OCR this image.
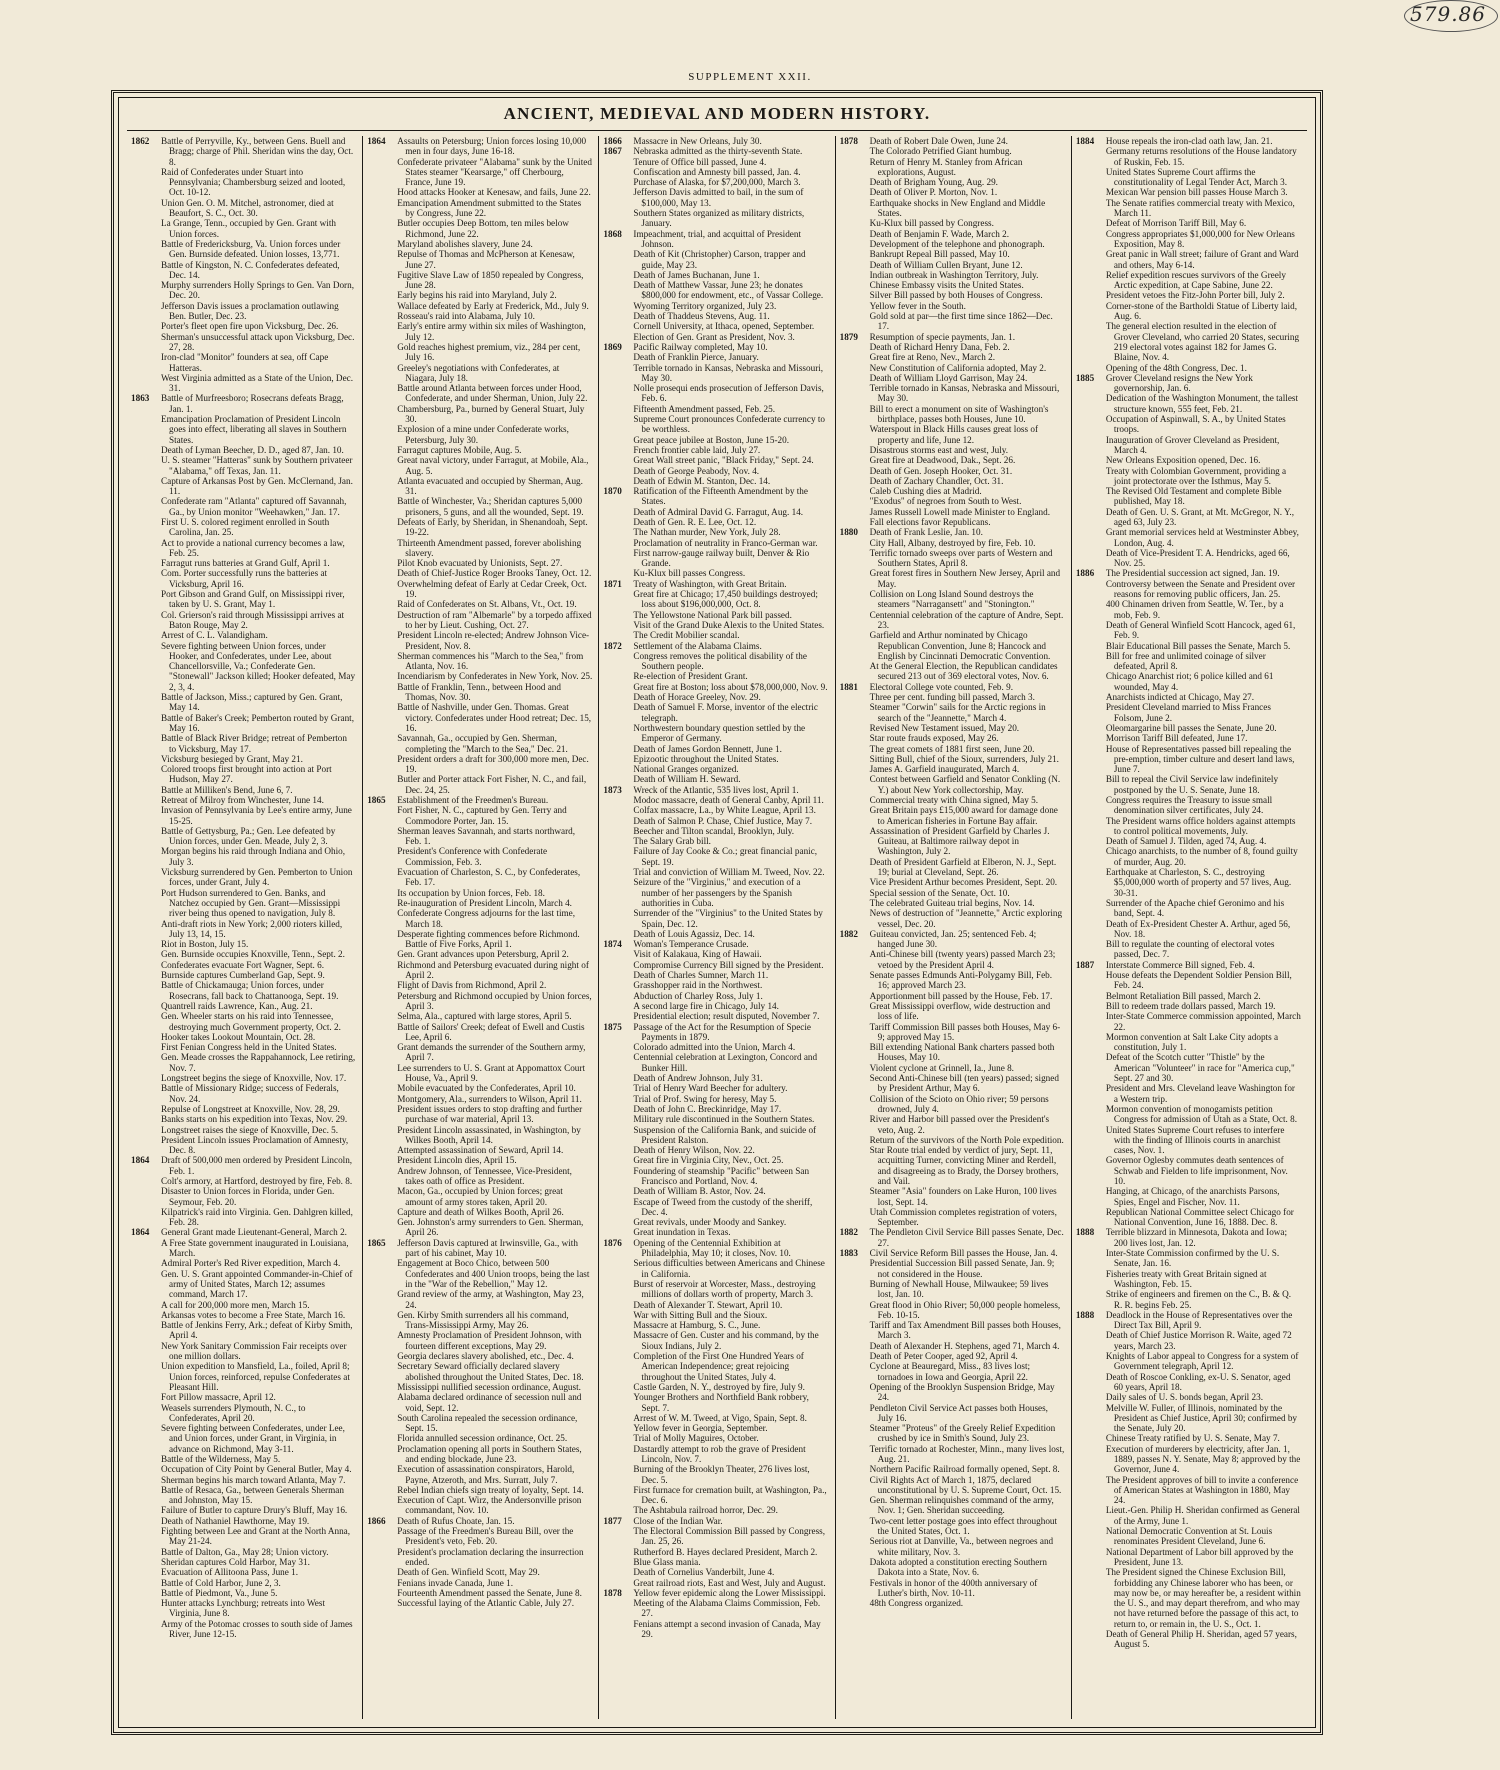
579.86
SUPPLEMENT XXII.
ANCIENT, MEDIEVAL AND MODERN HISTORY.
1862	Battle of Perryville, Ky., between Gens. Buell and Bragg; charge of Phil. Sheridan wins the day, Oct. 8.
Raid of Confederates under Stuart into Pennsylvania; Chambersburg seized and looted, Oct. 10-12.
Union Gen. O. M. Mitchel, astronomer, died at Beaufort, S. C., Oct. 30.
La Grange, Tenn., occupied by Gen. Grant with Union forces.
Battle of Fredericksburg, Va. Union forces under Gen. Burnside defeated. Union losses, 13,771.
Battle of Kingston, N. C. Confederates defeated, Dec. 14.
Murphy surrenders Holly Springs to Gen. Van Dorn, Dec. 20.
Jefferson Davis issues a proclamation outlawing Ben. Butler, Dec. 23.
Porter's fleet open fire upon Vicksburg, Dec. 26.
Sherman's unsuccessful attack upon Vicksburg, Dec. 27, 28.
Iron-clad "Monitor" founders at sea, off Cape Hatteras.
West Virginia admitted as a State of the Union, Dec. 31.
1863	Battle of Murfreesboro; Rosecrans defeats Bragg, Jan. 1.
Emancipation Proclamation of President Lincoln goes into effect, liberating all slaves in Southern States.
Death of Lyman Beecher, D. D., aged 87, Jan. 10.
U. S. steamer "Hatteras" sunk by Southern privateer "Alabama," off Texas, Jan. 11.
Capture of Arkansas Post by Gen. McClernand, Jan. 11.
Confederate ram "Atlanta" captured off Savannah, Ga., by Union monitor "Weehawken," Jan. 17.
First U. S. colored regiment enrolled in South Carolina, Jan. 25.
Act to provide a national currency becomes a law, Feb. 25.
Farragut runs batteries at Grand Gulf, April 1.
Com. Porter successfully runs the batteries at Vicksburg, April 16.
Port Gibson and Grand Gulf, on Mississippi river, taken by U. S. Grant, May 1.
Col. Grierson's raid through Mississippi arrives at Baton Rouge, May 2.
Arrest of C. L. Valandigham.
Severe fighting between Union forces, under Hooker, and Confederates, under Lee, about Chancellorsville, Va.; Confederate Gen. "Stonewall" Jackson killed; Hooker defeated, May 2, 3, 4.
Battle of Jackson, Miss.; captured by Gen. Grant, May 14.
Battle of Baker's Creek; Pemberton routed by Grant, May 16.
Battle of Black River Bridge; retreat of Pemberton to Vicksburg, May 17.
Vicksburg besieged by Grant, May 21.
Colored troops first brought into action at Port Hudson, May 27.
Battle at Milliken's Bend, June 6, 7.
Retreat of Milroy from Winchester, June 14.
Invasion of Pennsylvania by Lee's entire army, June 15-25.
Battle of Gettysburg, Pa.; Gen. Lee defeated by Union forces, under Gen. Meade, July 2, 3.
Morgan begins his raid through Indiana and Ohio, July 3.
Vicksburg surrendered by Gen. Pemberton to Union forces, under Grant, July 4.
Port Hudson surrendered to Gen. Banks, and Natchez occupied by Gen. Grant—Mississippi river being thus opened to navigation, July 8.
Anti-draft riots in New York; 2,000 rioters killed, July 13, 14, 15.
Riot in Boston, July 15.
Gen. Burnside occupies Knoxville, Tenn., Sept. 2.
Confederates evacuate Fort Wagner, Sept. 6.
Burnside captures Cumberland Gap, Sept. 9.
Battle of Chickamauga; Union forces, under Rosecrans, fall back to Chattanooga, Sept. 19.
Quantrell raids Lawrence, Kan., Aug. 21.
Gen. Wheeler starts on his raid into Tennessee, destroying much Government property, Oct. 2.
Hooker takes Lookout Mountain, Oct. 28.
First Fenian Congress held in the United States.
Gen. Meade crosses the Rappahannock, Lee retiring, Nov. 7.
Longstreet begins the siege of Knoxville, Nov. 17.
Battle of Missionary Ridge; success of Federals, Nov. 24.
Repulse of Longstreet at Knoxville, Nov. 28, 29.
Banks starts on his expedition into Texas, Nov. 29.
Longstreet raises the siege of Knoxville, Dec. 5.
President Lincoln issues Proclamation of Amnesty, Dec. 8.
1864	Draft of 500,000 men ordered by President Lincoln, Feb. 1.
Colt's armory, at Hartford, destroyed by fire, Feb. 8.
Disaster to Union forces in Florida, under Gen. Seymour, Feb. 20.
Kilpatrick's raid into Virginia. Gen. Dahlgren killed, Feb. 28.
1864	General Grant made Lieutenant-General, March 2.
A Free State government inaugurated in Louisiana, March.
Admiral Porter's Red River expedition, March 4.
Gen. U. S. Grant appointed Commander-in-Chief of army of United States, March 12; assumes command, March 17.
A call for 200,000 more men, March 15.
Arkansas votes to become a Free State, March 16.
Battle of Jenkins Ferry, Ark.; defeat of Kirby Smith, April 4.
New York Sanitary Commission Fair receipts over one million dollars.
Union expedition to Mansfield, La., foiled, April 8; Union forces, reinforced, repulse Confederates at Pleasant Hill.
Fort Pillow massacre, April 12.
Weasels surrenders Plymouth, N. C., to Confederates, April 20.
Severe fighting between Confederates, under Lee, and Union forces, under Grant, in Virginia, in advance on Richmond, May 3-11.
Battle of the Wilderness, May 5.
Occupation of City Point by General Butler, May 4.
Sherman begins his march toward Atlanta, May 7.
Battle of Resaca, Ga., between Generals Sherman and Johnston, May 15.
Failure of Butler to capture Drury's Bluff, May 16.
Death of Nathaniel Hawthorne, May 19.
Fighting between Lee and Grant at the North Anna, May 21-24.
Battle of Dalton, Ga., May 28; Union victory.
Sheridan captures Cold Harbor, May 31.
Evacuation of Allitoona Pass, June 1.
Battle of Cold Harbor, June 2, 3.
Battle of Piedmont, Va., June 5.
Hunter attacks Lynchburg; retreats into West Virginia, June 8.
Army of the Potomac crosses to south side of James River, June 12-15.
1864	Assaults on Petersburg; Union forces losing 10,000 men in four days, June 16-18.
Confederate privateer "Alabama" sunk by the United States steamer "Kearsarge," off Cherbourg, France, June 19.
Hood attacks Hooker at Kenesaw, and fails, June 22.
Emancipation Amendment submitted to the States by Congress, June 22.
Butler occupies Deep Bottom, ten miles below Richmond, June 22.
Maryland abolishes slavery, June 24.
Repulse of Thomas and McPherson at Kenesaw, June 27.
Fugitive Slave Law of 1850 repealed by Congress, June 28.
Early begins his raid into Maryland, July 2.
Wallace defeated by Early at Frederick, Md., July 9.
Rosseau's raid into Alabama, July 10.
Early's entire army within six miles of Washington, July 12.
Gold reaches highest premium, viz., 284 per cent, July 16.
Greeley's negotiations with Confederates, at Niagara, July 18.
Battle around Atlanta between forces under Hood, Confederate, and under Sherman, Union, July 22.
Chambersburg, Pa., burned by General Stuart, July 30.
Explosion of a mine under Confederate works, Petersburg, July 30.
Farragut captures Mobile, Aug. 5.
Great naval victory, under Farragut, at Mobile, Ala., Aug. 5.
Atlanta evacuated and occupied by Sherman, Aug. 31.
Battle of Winchester, Va.; Sheridan captures 5,000 prisoners, 5 guns, and all the wounded, Sept. 19.
Defeats of Early, by Sheridan, in Shenandoah, Sept. 19-22.
Thirteenth Amendment passed, forever abolishing slavery.
Pilot Knob evacuated by Unionists, Sept. 27.
Death of Chief-Justice Roger Brooks Taney, Oct. 12.
Overwhelming defeat of Early at Cedar Creek, Oct. 19.
Raid of Confederates on St. Albans, Vt., Oct. 19.
Destruction of ram "Albemarle" by a torpedo affixed to her by Lieut. Cushing, Oct. 27.
President Lincoln re-elected; Andrew Johnson Vice-President, Nov. 8.
Sherman commences his "March to the Sea," from Atlanta, Nov. 16.
Incendiarism by Confederates in New York, Nov. 25.
Battle of Franklin, Tenn., between Hood and Thomas, Nov. 30.
Battle of Nashville, under Gen. Thomas. Great victory. Confederates under Hood retreat; Dec. 15, 16.
Savannah, Ga., occupied by Gen. Sherman, completing the "March to the Sea," Dec. 21.
President orders a draft for 300,000 more men, Dec. 19.
Butler and Porter attack Fort Fisher, N. C., and fail, Dec. 24, 25.
1865	Establishment of the Freedmen's Bureau.
Fort Fisher, N. C., captured by Gen. Terry and Commodore Porter, Jan. 15.
Sherman leaves Savannah, and starts northward, Feb. 1.
President's Conference with Confederate Commission, Feb. 3.
Evacuation of Charleston, S. C., by Confederates, Feb. 17.
Its occupation by Union forces, Feb. 18.
Re-inauguration of President Lincoln, March 4.
Confederate Congress adjourns for the last time, March 18.
Desperate fighting commences before Richmond. Battle of Five Forks, April 1.
Gen. Grant advances upon Petersburg, April 2.
Richmond and Petersburg evacuated during night of April 2.
Flight of Davis from Richmond, April 2.
Petersburg and Richmond occupied by Union forces, April 3.
Selma, Ala., captured with large stores, April 5.
Battle of Sailors' Creek; defeat of Ewell and Custis Lee, April 6.
Grant demands the surrender of the Southern army, April 7.
Lee surrenders to U. S. Grant at Appomattox Court House, Va., April 9.
Mobile evacuated by the Confederates, April 10.
Montgomery, Ala., surrenders to Wilson, April 11.
President issues orders to stop drafting and further purchase of war material, April 13.
President Lincoln assassinated, in Washington, by Wilkes Booth, April 14.
Attempted assassination of Seward, April 14.
President Lincoln dies, April 15.
Andrew Johnson, of Tennessee, Vice-President, takes oath of office as President.
Macon, Ga., occupied by Union forces; great amount of army stores taken, April 20.
Capture and death of Wilkes Booth, April 26.
Gen. Johnston's army surrenders to Gen. Sherman, April 26.
1865	Jefferson Davis captured at Irwinsville, Ga., with part of his cabinet, May 10.
Engagement at Boco Chico, between 500 Confederates and 400 Union troops, being the last in the "War of the Rebellion," May 12.
Grand review of the army, at Washington, May 23, 24.
Gen. Kirby Smith surrenders all his command, Trans-Mississippi Army, May 26.
Amnesty Proclamation of President Johnson, with fourteen different exceptions, May 29.
Georgia declares slavery abolished, etc., Dec. 4.
Secretary Seward officially declared slavery abolished throughout the United States, Dec. 18.
Mississippi nullified secession ordinance, August.
Alabama declared ordinance of secession null and void, Sept. 12.
South Carolina repealed the secession ordinance, Sept. 15.
Florida annulled secession ordinance, Oct. 25.
Proclamation opening all ports in Southern States, and ending blockade, June 23.
Execution of assassination conspirators, Harold, Payne, Atzeroth, and Mrs. Surratt, July 7.
Rebel Indian chiefs sign treaty of loyalty, Sept. 14.
Execution of Capt. Wirz, the Andersonville prison commandant, Nov. 10.
1866	Death of Rufus Choate, Jan. 15.
Passage of the Freedmen's Bureau Bill, over the President's veto, Feb. 20.
President's proclamation declaring the insurrection ended.
Death of Gen. Winfield Scott, May 29.
Fenians invade Canada, June 1.
Fourteenth Amendment passed the Senate, June 8.
Successful laying of the Atlantic Cable, July 27.
1866	Massacre in New Orleans, July 30.
1867	Nebraska admitted as the thirty-seventh State.
Tenure of Office bill passed, June 4.
Confiscation and Amnesty bill passed, Jan. 4.
Purchase of Alaska, for $7,200,000, March 3.
Jefferson Davis admitted to bail, in the sum of $100,000, May 13.
Southern States organized as military districts, January.
1868	Impeachment, trial, and acquittal of President Johnson.
Death of Kit (Christopher) Carson, trapper and guide, May 23.
Death of James Buchanan, June 1.
Death of Matthew Vassar, June 23; he donates $800,000 for endowment, etc., of Vassar College.
Wyoming Territory organized, July 23.
Death of Thaddeus Stevens, Aug. 11.
Cornell University, at Ithaca, opened, September.
Election of Gen. Grant as President, Nov. 3.
1869	Pacific Railway completed, May 10.
Death of Franklin Pierce, January.
Terrible tornado in Kansas, Nebraska and Missouri, May 30.
Nolle prosequi ends prosecution of Jefferson Davis, Feb. 6.
Fifteenth Amendment passed, Feb. 25.
Supreme Court pronounces Confederate currency to be worthless.
Great peace jubilee at Boston, June 15-20.
French frontier cable laid, July 27.
Great Wall street panic, "Black Friday," Sept. 24.
Death of George Peabody, Nov. 4.
Death of Edwin M. Stanton, Dec. 14.
1870	Ratification of the Fifteenth Amendment by the States.
Death of Admiral David G. Farragut, Aug. 14.
Death of Gen. R. E. Lee, Oct. 12.
The Nathan murder, New York, July 28.
Proclamation of neutrality in Franco-German war.
First narrow-gauge railway built, Denver & Rio Grande.
Ku-Klux bill passes Congress.
1871	Treaty of Washington, with Great Britain.
Great fire at Chicago; 17,450 buildings destroyed; loss about $196,000,000, Oct. 8.
The Yellowstone National Park bill passed.
Visit of the Grand Duke Alexis to the United States.
The Credit Mobilier scandal.
1872	Settlement of the Alabama Claims.
Congress removes the political disability of the Southern people.
Re-election of President Grant.
Great fire at Boston; loss about $78,000,000, Nov. 9.
Death of Horace Greeley, Nov. 29.
Death of Samuel F. Morse, inventor of the electric telegraph.
Northwestern boundary question settled by the Emperor of Germany.
Death of James Gordon Bennett, June 1.
Epizootic throughout the United States.
National Granges organized.
Death of William H. Seward.
1873	Wreck of the Atlantic, 535 lives lost, April 1.
Modoc massacre, death of General Canby, April 11.
Colfax massacre, La., by White League, April 13.
Death of Salmon P. Chase, Chief Justice, May 7.
Beecher and Tilton scandal, Brooklyn, July.
The Salary Grab bill.
Failure of Jay Cooke & Co.; great financial panic, Sept. 19.
Trial and conviction of William M. Tweed, Nov. 22.
Seizure of the "Virginius," and execution of a number of her passengers by the Spanish authorities in Cuba.
Surrender of the "Virginius" to the United States by Spain, Dec. 12.
Death of Louis Agassiz, Dec. 14.
1874	Woman's Temperance Crusade.
Visit of Kalakaua, King of Hawaii.
Compromise Currency Bill signed by the President.
Death of Charles Sumner, March 11.
Grasshopper raid in the Northwest.
Abduction of Charley Ross, July 1.
A second large fire in Chicago, July 14.
Presidential election; result disputed, November 7.
1875	Passage of the Act for the Resumption of Specie Payments in 1879.
Colorado admitted into the Union, March 4.
Centennial celebration at Lexington, Concord and Bunker Hill.
Death of Andrew Johnson, July 31.
Trial of Henry Ward Beecher for adultery.
Trial of Prof. Swing for heresy, May 5.
Death of John C. Breckinridge, May 17.
Military rule discontinued in the Southern States.
Suspension of the California Bank, and suicide of President Ralston.
Death of Henry Wilson, Nov. 22.
Great fire in Virginia City, Nev., Oct. 25.
Foundering of steamship "Pacific" between San Francisco and Portland, Nov. 4.
Death of William B. Astor, Nov. 24.
Escape of Tweed from the custody of the sheriff, Dec. 4.
Great revivals, under Moody and Sankey.
Great inundation in Texas.
1876	Opening of the Centennial Exhibition at Philadelphia, May 10; it closes, Nov. 10.
Serious difficulties between Americans and Chinese in California.
Burst of reservoir at Worcester, Mass., destroying millions of dollars worth of property, March 3.
Death of Alexander T. Stewart, April 10.
War with Sitting Bull and the Sioux.
Massacre at Hamburg, S. C., June.
Massacre of Gen. Custer and his command, by the Sioux Indians, July 2.
Completion of the First One Hundred Years of American Independence; great rejoicing throughout the United States, July 4.
Castle Garden, N. Y., destroyed by fire, July 9.
Younger Brothers and Northfield Bank robbery, Sept. 7.
Arrest of W. M. Tweed, at Vigo, Spain, Sept. 8.
Yellow fever in Georgia, September.
Trial of Molly Maguires, October.
Dastardly attempt to rob the grave of President Lincoln, Nov. 7.
Burning of the Brooklyn Theater, 276 lives lost, Dec. 5.
First furnace for cremation built, at Washington, Pa., Dec. 6.
The Ashtabula railroad horror, Dec. 29.
1877	Close of the Indian War.
The Electoral Commission Bill passed by Congress, Jan. 25, 26.
Rutherford B. Hayes declared President, March 2.
Blue Glass mania.
Death of Cornelius Vanderbilt, June 4.
Great railroad riots, East and West, July and August.
1878	Yellow fever epidemic along the Lower Mississippi.
Meeting of the Alabama Claims Commission, Feb. 27.
Fenians attempt a second invasion of Canada, May 29.
1878	Death of Robert Dale Owen, June 24.
The Colorado Petrified Giant humbug.
Return of Henry M. Stanley from African explorations, August.
Death of Brigham Young, Aug. 29.
Death of Oliver P. Morton, Nov. 1.
Earthquake shocks in New England and Middle States.
Ku-Klux bill passed by Congress.
Death of Benjamin F. Wade, March 2.
Development of the telephone and phonograph.
Bankrupt Repeal Bill passed, May 10.
Death of William Cullen Bryant, June 12.
Indian outbreak in Washington Territory, July.
Chinese Embassy visits the United States.
Silver Bill passed by both Houses of Congress.
Yellow fever in the South.
Gold sold at par—the first time since 1862—Dec. 17.
1879	Resumption of specie payments, Jan. 1.
Death of Richard Henry Dana, Feb. 2.
Great fire at Reno, Nev., March 2.
New Constitution of California adopted, May 2.
Death of William Lloyd Garrison, May 24.
Terrible tornado in Kansas, Nebraska and Missouri, May 30.
Bill to erect a monument on site of Washington's birthplace, passes both Houses, June 10.
Waterspout in Black Hills causes great loss of property and life, June 12.
Disastrous storms east and west, July.
Great fire at Deadwood, Dak., Sept. 26.
Death of Gen. Joseph Hooker, Oct. 31.
Death of Zachary Chandler, Oct. 31.
Caleb Cushing dies at Madrid.
"Exodus" of negroes from South to West.
James Russell Lowell made Minister to England.
Fall elections favor Republicans.
1880	Death of Frank Leslie, Jan. 10.
City Hall, Albany, destroyed by fire, Feb. 10.
Terrific tornado sweeps over parts of Western and Southern States, April 8.
Great forest fires in Southern New Jersey, April and May.
Collision on Long Island Sound destroys the steamers "Narragansett" and "Stonington."
Centennial celebration of the capture of Andre, Sept. 23.
Garfield and Arthur nominated by Chicago Republican Convention, June 8; Hancock and English by Cincinnati Democratic Convention.
At the General Election, the Republican candidates secured 213 out of 369 electoral votes, Nov. 6.
1881	Electoral College vote counted, Feb. 9.
Three per cent. funding bill passed, March 3.
Steamer "Corwin" sails for the Arctic regions in search of the "Jeannette," March 4.
Revised New Testament issued, May 20.
Star route frauds exposed, May 26.
The great comets of 1881 first seen, June 20.
Sitting Bull, chief of the Sioux, surrenders, July 21.
James A. Garfield inaugurated, March 4.
Contest between Garfield and Senator Conkling (N. Y.) about New York collectorship, May.
Commercial treaty with China signed, May 5.
Great Britain pays £15,000 award for damage done to American fisheries in Fortune Bay affair.
Assassination of President Garfield by Charles J. Guiteau, at Baltimore railway depot in Washington, July 2.
Death of President Garfield at Elberon, N. J., Sept. 19; burial at Cleveland, Sept. 26.
Vice President Arthur becomes President, Sept. 20.
Special session of the Senate, Oct. 10.
The celebrated Guiteau trial begins, Nov. 14.
News of destruction of "Jeannette," Arctic exploring vessel, Dec. 20.
1882	Guiteau convicted, Jan. 25; sentenced Feb. 4; hanged June 30.
Anti-Chinese bill (twenty years) passed March 23; vetoed by the President April 4.
Senate passes Edmunds Anti-Polygamy Bill, Feb. 16; approved March 23.
Apportionment bill passed by the House, Feb. 17.
Great Mississippi overflow, wide destruction and loss of life.
Tariff Commission Bill passes both Houses, May 6-9; approved May 15.
Bill extending National Bank charters passed both Houses, May 10.
Violent cyclone at Grinnell, Ia., June 8.
Second Anti-Chinese bill (ten years) passed; signed by President Arthur, May 6.
Collision of the Scioto on Ohio river; 59 persons drowned, July 4.
River and Harbor bill passed over the President's veto, Aug. 2.
Return of the survivors of the North Pole expedition.
Star Route trial ended by verdict of jury, Sept. 11, acquitting Turner, convicting Miner and Rerdell, and disagreeing as to Brady, the Dorsey brothers, and Vail.
Steamer "Asia" founders on Lake Huron, 100 lives lost, Sept. 14.
Utah Commission completes registration of voters, September.
1882	The Pendleton Civil Service Bill passes Senate, Dec. 27.
1883	Civil Service Reform Bill passes the House, Jan. 4.
Presidential Succession Bill passed Senate, Jan. 9; not considered in the House.
Burning of Newhall House, Milwaukee; 59 lives lost, Jan. 10.
Great flood in Ohio River; 50,000 people homeless, Feb. 10-15.
Tariff and Tax Amendment Bill passes both Houses, March 3.
Death of Alexander H. Stephens, aged 71, March 4.
Death of Peter Cooper, aged 92, April 4.
Cyclone at Beauregard, Miss., 83 lives lost; tornadoes in Iowa and Georgia, April 22.
Opening of the Brooklyn Suspension Bridge, May 24.
Pendleton Civil Service Act passes both Houses, July 16.
Steamer "Proteus" of the Greely Relief Expedition crushed by ice in Smith's Sound, July 23.
Terrific tornado at Rochester, Minn., many lives lost, Aug. 21.
Northern Pacific Railroad formally opened, Sept. 8.
Civil Rights Act of March 1, 1875, declared unconstitutional by U. S. Supreme Court, Oct. 15.
Gen. Sherman relinquishes command of the army, Nov. 1; Gen. Sheridan succeeding.
Two-cent letter postage goes into effect throughout the United States, Oct. 1.
Serious riot at Danville, Va., between negroes and white military, Nov. 3.
Dakota adopted a constitution erecting Southern Dakota into a State, Nov. 6.
Festivals in honor of the 400th anniversary of Luther's birth, Nov. 10-11.
48th Congress organized.
1884	House repeals the iron-clad oath law, Jan. 21.
Germany returns resolutions of the House landatory of Ruskin, Feb. 15.
United States Supreme Court affirms the constitutionality of Legal Tender Act, March 3.
Mexican War pension bill passes House March 3.
The Senate ratifies commercial treaty with Mexico, March 11.
Defeat of Morrison Tariff Bill, May 6.
Congress appropriates $1,000,000 for New Orleans Exposition, May 8.
Great panic in Wall street; failure of Grant and Ward and others, May 6-14.
Relief expedition rescues survivors of the Greely Arctic expedition, at Cape Sabine, June 22.
President vetoes the Fitz-John Porter bill, July 2.
Corner-stone of the Bartholdi Statue of Liberty laid, Aug. 6.
The general election resulted in the election of Grover Cleveland, who carried 20 States, securing 219 electoral votes against 182 for James G. Blaine, Nov. 4.
Opening of the 48th Congress, Dec. 1.
1885	Grover Cleveland resigns the New York governorship, Jan. 6.
Dedication of the Washington Monument, the tallest structure known, 555 feet, Feb. 21.
Occupation of Aspinwall, S. A., by United States troops.
Inauguration of Grover Cleveland as President, March 4.
New Orleans Exposition opened, Dec. 16.
Treaty with Colombian Government, providing a joint protectorate over the Isthmus, May 5.
The Revised Old Testament and complete Bible published, May 18.
Death of Gen. U. S. Grant, at Mt. McGregor, N. Y., aged 63, July 23.
Grant memorial services held at Westminster Abbey, London, Aug. 4.
Death of Vice-President T. A. Hendricks, aged 66, Nov. 25.
1886	The Presidential succession act signed, Jan. 19.
Controversy between the Senate and President over reasons for removing public officers, Jan. 25.
400 Chinamen driven from Seattle, W. Ter., by a mob, Feb. 9.
Death of General Winfield Scott Hancock, aged 61, Feb. 9.
Blair Educational Bill passes the Senate, March 5.
Bill for free and unlimited coinage of silver defeated, April 8.
Chicago Anarchist riot; 6 police killed and 61 wounded, May 4.
Anarchists indicted at Chicago, May 27.
President Cleveland married to Miss Frances Folsom, June 2.
Oleomargarine bill passes the Senate, June 20.
Morrison Tariff Bill defeated, June 17.
House of Representatives passed bill repealing the pre-emption, timber culture and desert land laws, June 7.
Bill to repeal the Civil Service law indefinitely postponed by the U. S. Senate, June 18.
Congress requires the Treasury to issue small denomination silver certificates, July 24.
The President warns office holders against attempts to control political movements, July.
Death of Samuel J. Tilden, aged 74, Aug. 4.
Chicago anarchists, to the number of 8, found guilty of murder, Aug. 20.
Earthquake at Charleston, S. C., destroying $5,000,000 worth of property and 57 lives, Aug. 30-31.
Surrender of the Apache chief Geronimo and his band, Sept. 4.
Death of Ex-President Chester A. Arthur, aged 56, Nov. 18.
Bill to regulate the counting of electoral votes passed, Dec. 7.
1887	Interstate Commerce Bill signed, Feb. 4.
House defeats the Dependent Soldier Pension Bill, Feb. 24.
Belmont Retaliation Bill passed, March 2.
Bill to redeem trade dollars passed, March 19.
Inter-State Commerce commission appointed, March 22.
Mormon convention at Salt Lake City adopts a constitution, July 1.
Defeat of the Scotch cutter "Thistle" by the American "Volunteer" in race for "America cup," Sept. 27 and 30.
President and Mrs. Cleveland leave Washington for a Western trip.
Mormon convention of monogamists petition Congress for admission of Utah as a State, Oct. 8.
United States Supreme Court refuses to interfere with the finding of Illinois courts in anarchist cases, Nov. 1.
Governor Oglesby commutes death sentences of Schwab and Fielden to life imprisonment, Nov. 10.
Hanging, at Chicago, of the anarchists Parsons, Spies, Engel and Fischer, Nov. 11.
Republican National Committee select Chicago for National Convention, June 16, 1888. Dec. 8.
1888	Terrible blizzard in Minnesota, Dakota and Iowa; 200 lives lost, Jan. 12.
Inter-State Commission confirmed by the U. S. Senate, Jan. 16.
Fisheries treaty with Great Britain signed at Washington, Feb. 15.
Strike of engineers and firemen on the C., B. & Q. R. R. begins Feb. 25.
1888	Deadlock in the House of Representatives over the Direct Tax Bill, April 9.
Death of Chief Justice Morrison R. Waite, aged 72 years, March 23.
Knights of Labor appeal to Congress for a system of Government telegraph, April 12.
Death of Roscoe Conkling, ex-U. S. Senator, aged 60 years, April 18.
Daily sales of U. S. bonds began, April 23.
Melville W. Fuller, of Illinois, nominated by the President as Chief Justice, April 30; confirmed by the Senate, July 20.
Chinese Treaty ratified by U. S. Senate, May 7.
Execution of murderers by electricity, after Jan. 1, 1889, passes N. Y. Senate, May 8; approved by the Governor, June 4.
The President approves of bill to invite a conference of American States at Washington in 1880, May 24.
Lieut.-Gen. Philip H. Sheridan confirmed as General of the Army, June 1.
National Democratic Convention at St. Louis renominates President Cleveland, June 6.
National Department of Labor bill approved by the President, June 13.
The President signed the Chinese Exclusion Bill, forbidding any Chinese laborer who has been, or may now be, or may hereafter be, a resident within the U. S., and may depart therefrom, and who may not have returned before the passage of this act, to return to, or remain in, the U. S., Oct. 1.
Death of General Philip H. Sheridan, aged 57 years, August 5.
